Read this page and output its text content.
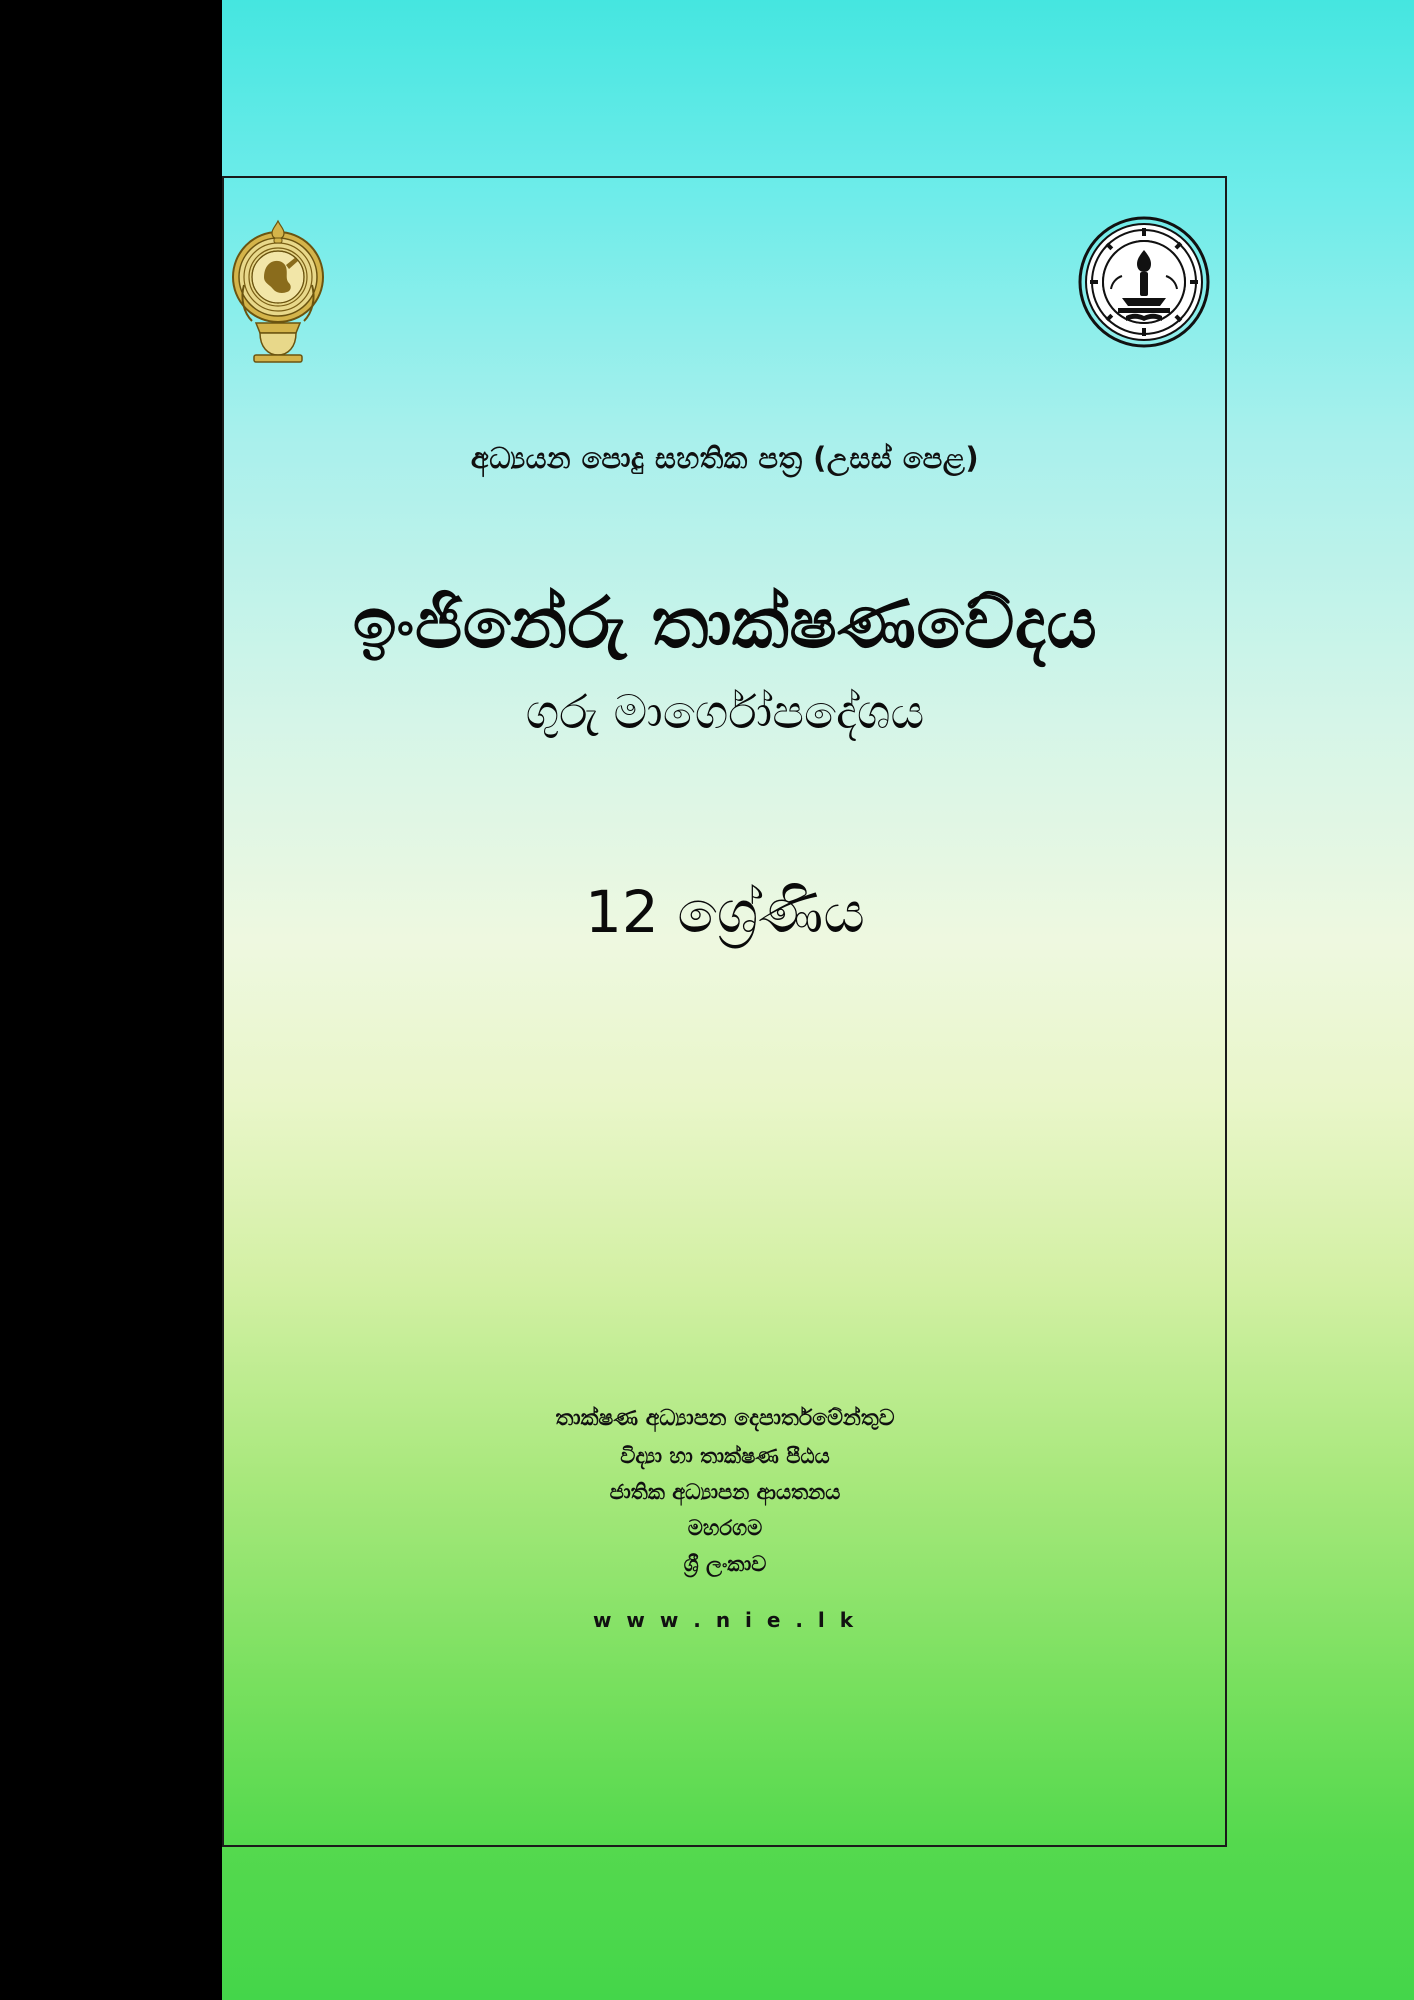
අධ්‍යයන පොදු සහතික පත්‍ර (උසස් පෙළ)
ඉංජිනේරු තාක්ෂණවේදය
ගුරු මාර්ගෝපදේශය
12 ශ්‍රේණිය
තාක්ෂණ අධ්‍යාපන දෙපාර්තමේන්තුව
විද්‍යා හා තාක්ෂණ පීඨය
ජාතික අධ්‍යාපන ආයතනය
මහරගම
ශ්‍රී ලංකාව
w w w . n i e . l k
